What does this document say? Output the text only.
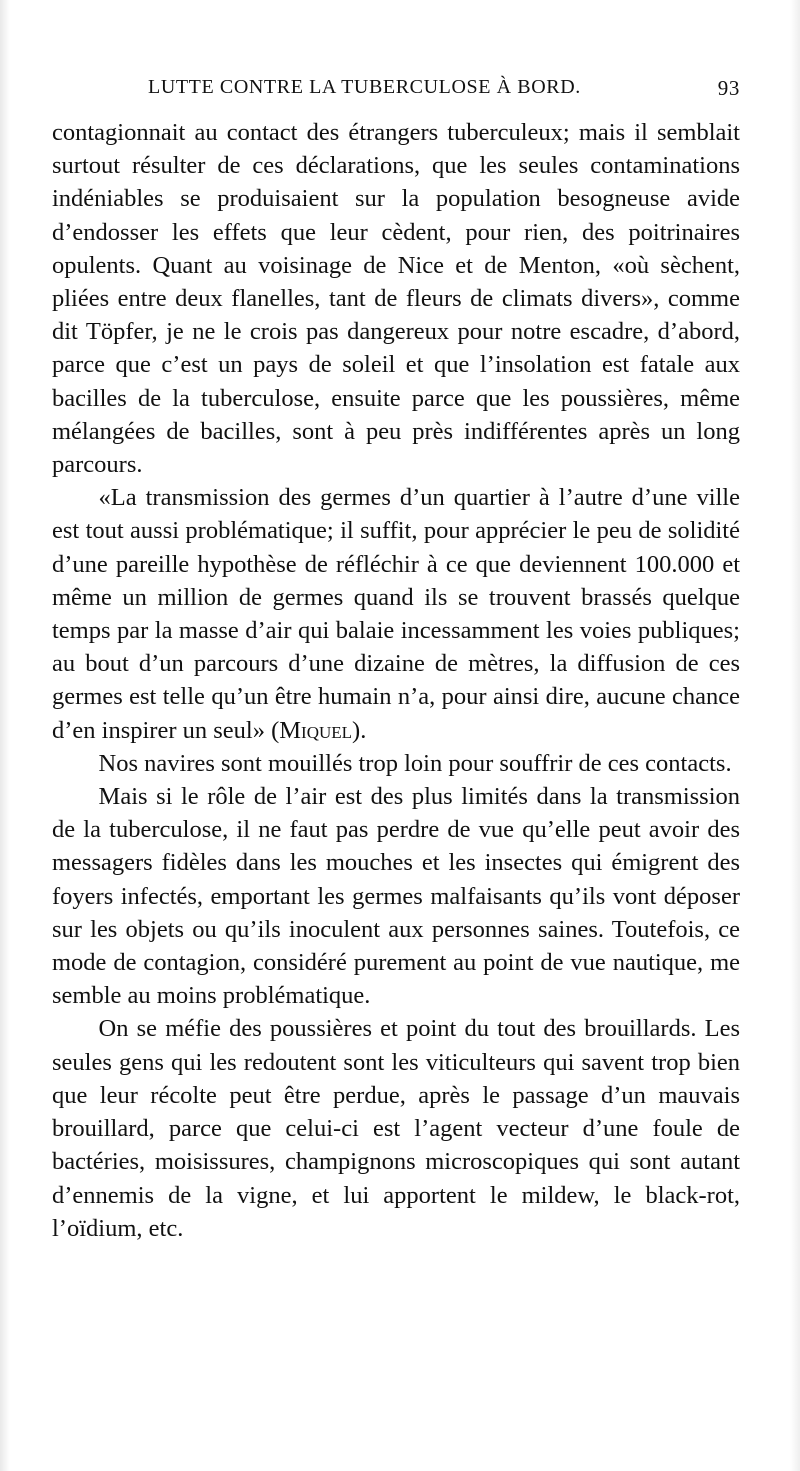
LUTTE CONTRE LA TUBERCULOSE À BORD.	93

contagionnait au contact des étrangers tuberculeux; mais il semblait surtout résulter de ces déclarations, que les seules contaminations indéniables se produisaient sur la population besogneuse avide d’endosser les effets que leur cèdent, pour rien, des poitrinaires opulents. Quant au voisinage de Nice et de Menton, «où sèchent, pliées entre deux flanelles, tant de fleurs de climats divers», comme dit Töpfer, je ne le crois pas dangereux pour notre escadre, d’abord, parce que c’est un pays de soleil et que l’insolation est fatale aux bacilles de la tuberculose, ensuite parce que les poussières, même mélangées de bacilles, sont à peu près indifférentes après un long parcours.

«La transmission des germes d’un quartier à l’autre d’une ville est tout aussi problématique; il suffit, pour apprécier le peu de solidité d’une pareille hypothèse de réfléchir à ce que deviennent 100.000 et même un million de germes quand ils se trouvent brassés quelque temps par la masse d’air qui balaie incessamment les voies publiques; au bout d’un parcours d’une dizaine de mètres, la diffusion de ces germes est telle qu’un être humain n’a, pour ainsi dire, aucune chance d’en inspirer un seul» (Miquel).

Nos navires sont mouillés trop loin pour souffrir de ces contacts.

Mais si le rôle de l’air est des plus limités dans la transmission de la tuberculose, il ne faut pas perdre de vue qu’elle peut avoir des messagers fidèles dans les mouches et les insectes qui émigrent des foyers infectés, emportant les germes malfaisants qu’ils vont déposer sur les objets ou qu’ils inoculent aux personnes saines. Toutefois, ce mode de contagion, considéré purement au point de vue nautique, me semble au moins problématique.

On se méfie des poussières et point du tout des brouillards. Les seules gens qui les redoutent sont les viticulteurs qui savent trop bien que leur récolte peut être perdue, après le passage d’un mauvais brouillard, parce que celui-ci est l’agent vecteur d’une foule de bactéries, moisissures, champignons microscopiques qui sont autant d’ennemis de la vigne, et lui apportent le mildew, le black-rot, l’oïdium, etc.
